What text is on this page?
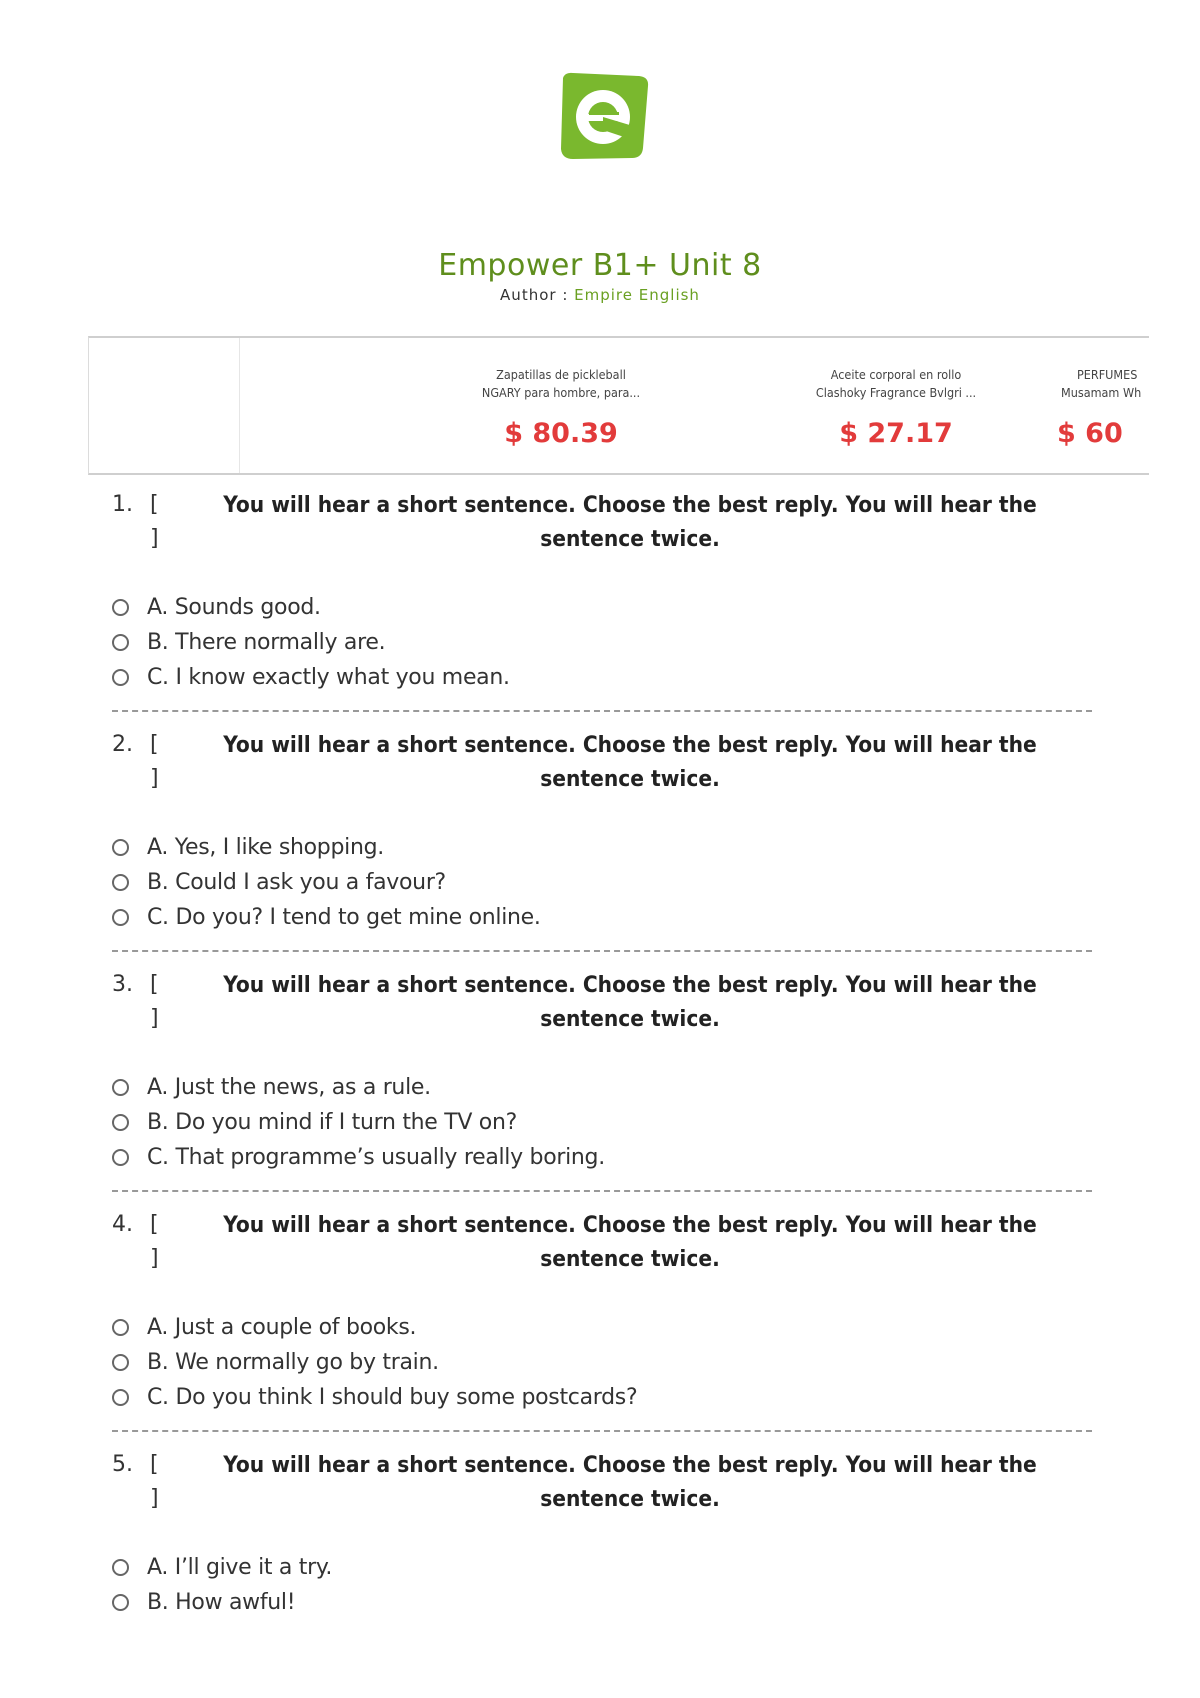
Empower B1+ Unit 8
Author : Empire English
Zapatillas de pickleball
NGARY para hombre, para...
$ 80.39
Aceite corporal en rollo
Clashoky Fragrance Bvlgri ...
$ 27.17
PERFUMES
Musamam Wh
$ 60
1. [
]
You will hear a short sentence. Choose the best reply. You will hear the sentence twice.
A. Sounds good.
B. There normally are.
C. I know exactly what you mean.
2. [
]
You will hear a short sentence. Choose the best reply. You will hear the sentence twice.
A. Yes, I like shopping.
B. Could I ask you a favour?
C. Do you? I tend to get mine online.
3. [
]
You will hear a short sentence. Choose the best reply. You will hear the sentence twice.
A. Just the news, as a rule.
B. Do you mind if I turn the TV on?
C. That programme’s usually really boring.
4. [
]
You will hear a short sentence. Choose the best reply. You will hear the sentence twice.
A. Just a couple of books.
B. We normally go by train.
C. Do you think I should buy some postcards?
5. [
]
You will hear a short sentence. Choose the best reply. You will hear the sentence twice.
A. I’ll give it a try.
B. How awful!
